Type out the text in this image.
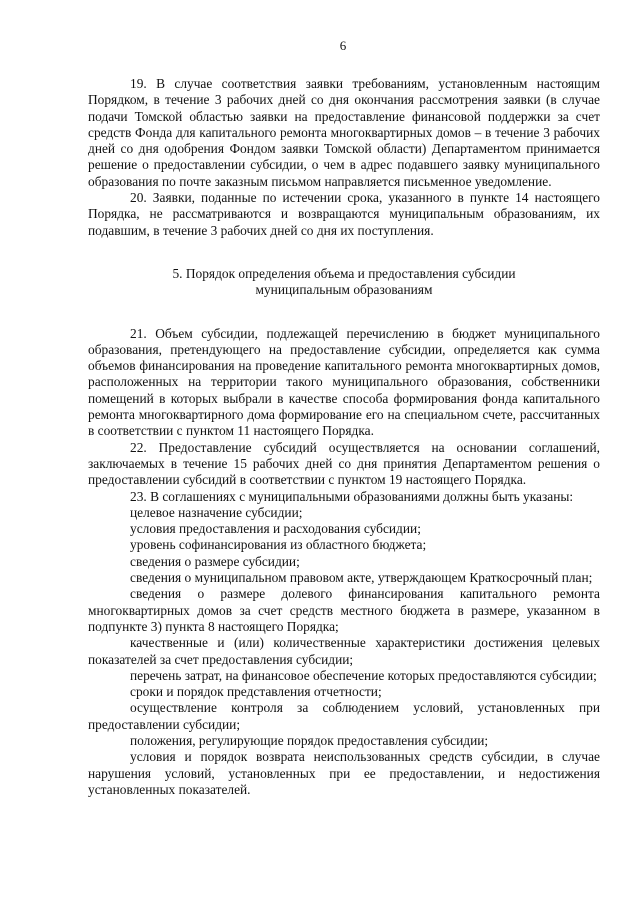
6

19. В случае соответствия заявки требованиям, установленным настоящим Порядком, в течение 3 рабочих дней со дня окончания рассмотрения заявки (в случае подачи Томской областью заявки на предоставление финансовой поддержки за счет средств Фонда для капитального ремонта многоквартирных домов – в течение 3 рабочих дней со дня одобрения Фондом заявки Томской области) Департаментом принимается решение о предоставлении субсидии, о чем в адрес подавшего заявку муниципального образования по почте заказным письмом направляется письменное уведомление.

20. Заявки, поданные по истечении срока, указанного в пункте 14 настоящего Порядка, не рассматриваются и возвращаются муниципальным образованиям, их подавшим, в течение 3 рабочих дней со дня их поступления.

5. Порядок определения объема и предоставления субсидии
муниципальным образованиям

21. Объем субсидии, подлежащей перечислению в бюджет муниципального образования, претендующего на предоставление субсидии, определяется как сумма объемов финансирования на проведение капитального ремонта многоквартирных домов, расположенных на территории такого муниципального образования, собственники помещений в которых выбрали в качестве способа формирования фонда капитального ремонта многоквартирного дома формирование его на специальном счете, рассчитанных в соответствии с пунктом 11 настоящего Порядка.

22. Предоставление субсидий осуществляется на основании соглашений, заключаемых в течение 15 рабочих дней со дня принятия Департаментом решения о предоставлении субсидий в соответствии с пунктом 19 настоящего Порядка.

23. В соглашениях с муниципальными образованиями должны быть указаны:

целевое назначение субсидии;
условия предоставления и расходования субсидии;
уровень софинансирования из областного бюджета;
сведения о размере субсидии;
сведения о муниципальном правовом акте, утверждающем Краткосрочный план;
сведения о размере долевого финансирования капитального ремонта многоквартирных домов за счет средств местного бюджета в размере, указанном в подпункте 3) пункта 8 настоящего Порядка;
качественные и (или) количественные характеристики достижения целевых показателей за счет предоставления субсидии;
перечень затрат, на финансовое обеспечение которых предоставляются субсидии;
сроки и порядок представления отчетности;
осуществление контроля за соблюдением условий, установленных при предоставлении субсидии;
положения, регулирующие порядок предоставления субсидии;
условия и порядок возврата неиспользованных средств субсидии, в случае нарушения условий, установленных при ее предоставлении, и недостижения установленных показателей.
